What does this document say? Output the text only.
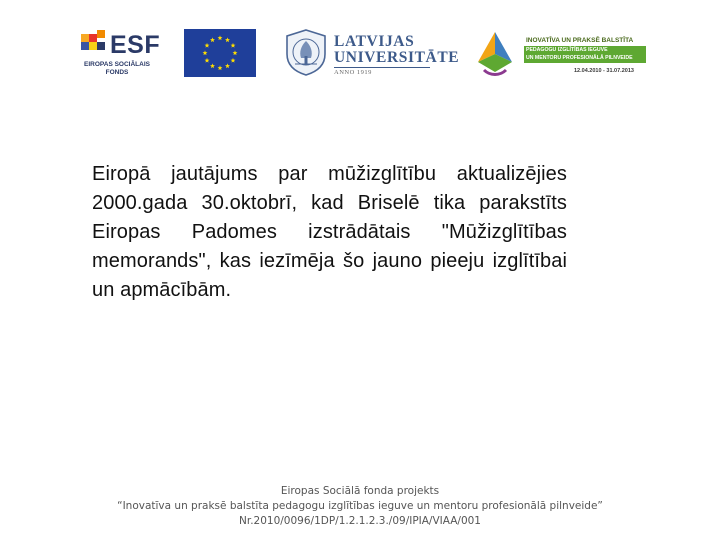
ESF
EIROPAS SOCIĀLAIS
FONDS
LATVIJAS
UNIVERSITĀTE
ANNO 1919
INOVATĪVA UN PRAKSĒ BALSTĪTA
PEDAGOGU IZGLĪTĪBAS IEGUVE
UN MENTORU PROFESIONĀLĀ PILNVEIDE
12.04.2010 - 31.07.2013
Eiropā jautājums par mūžizglītību aktualizējies 2000.gada 30.oktobrī, kad Briselē tika parakstīts Eiropas Padomes izstrādātais "Mūžizglītības memorands", kas iezīmēja šo jauno pieeju izglītībai un apmācībām.
Eiropas Sociālā fonda projekts
“Inovatīva un praksē balstīta pedagogu izglītības ieguve un mentoru profesionālā pilnveide”
Nr.2010/0096/1DP/1.2.1.2.3./09/IPIA/VIAA/001
